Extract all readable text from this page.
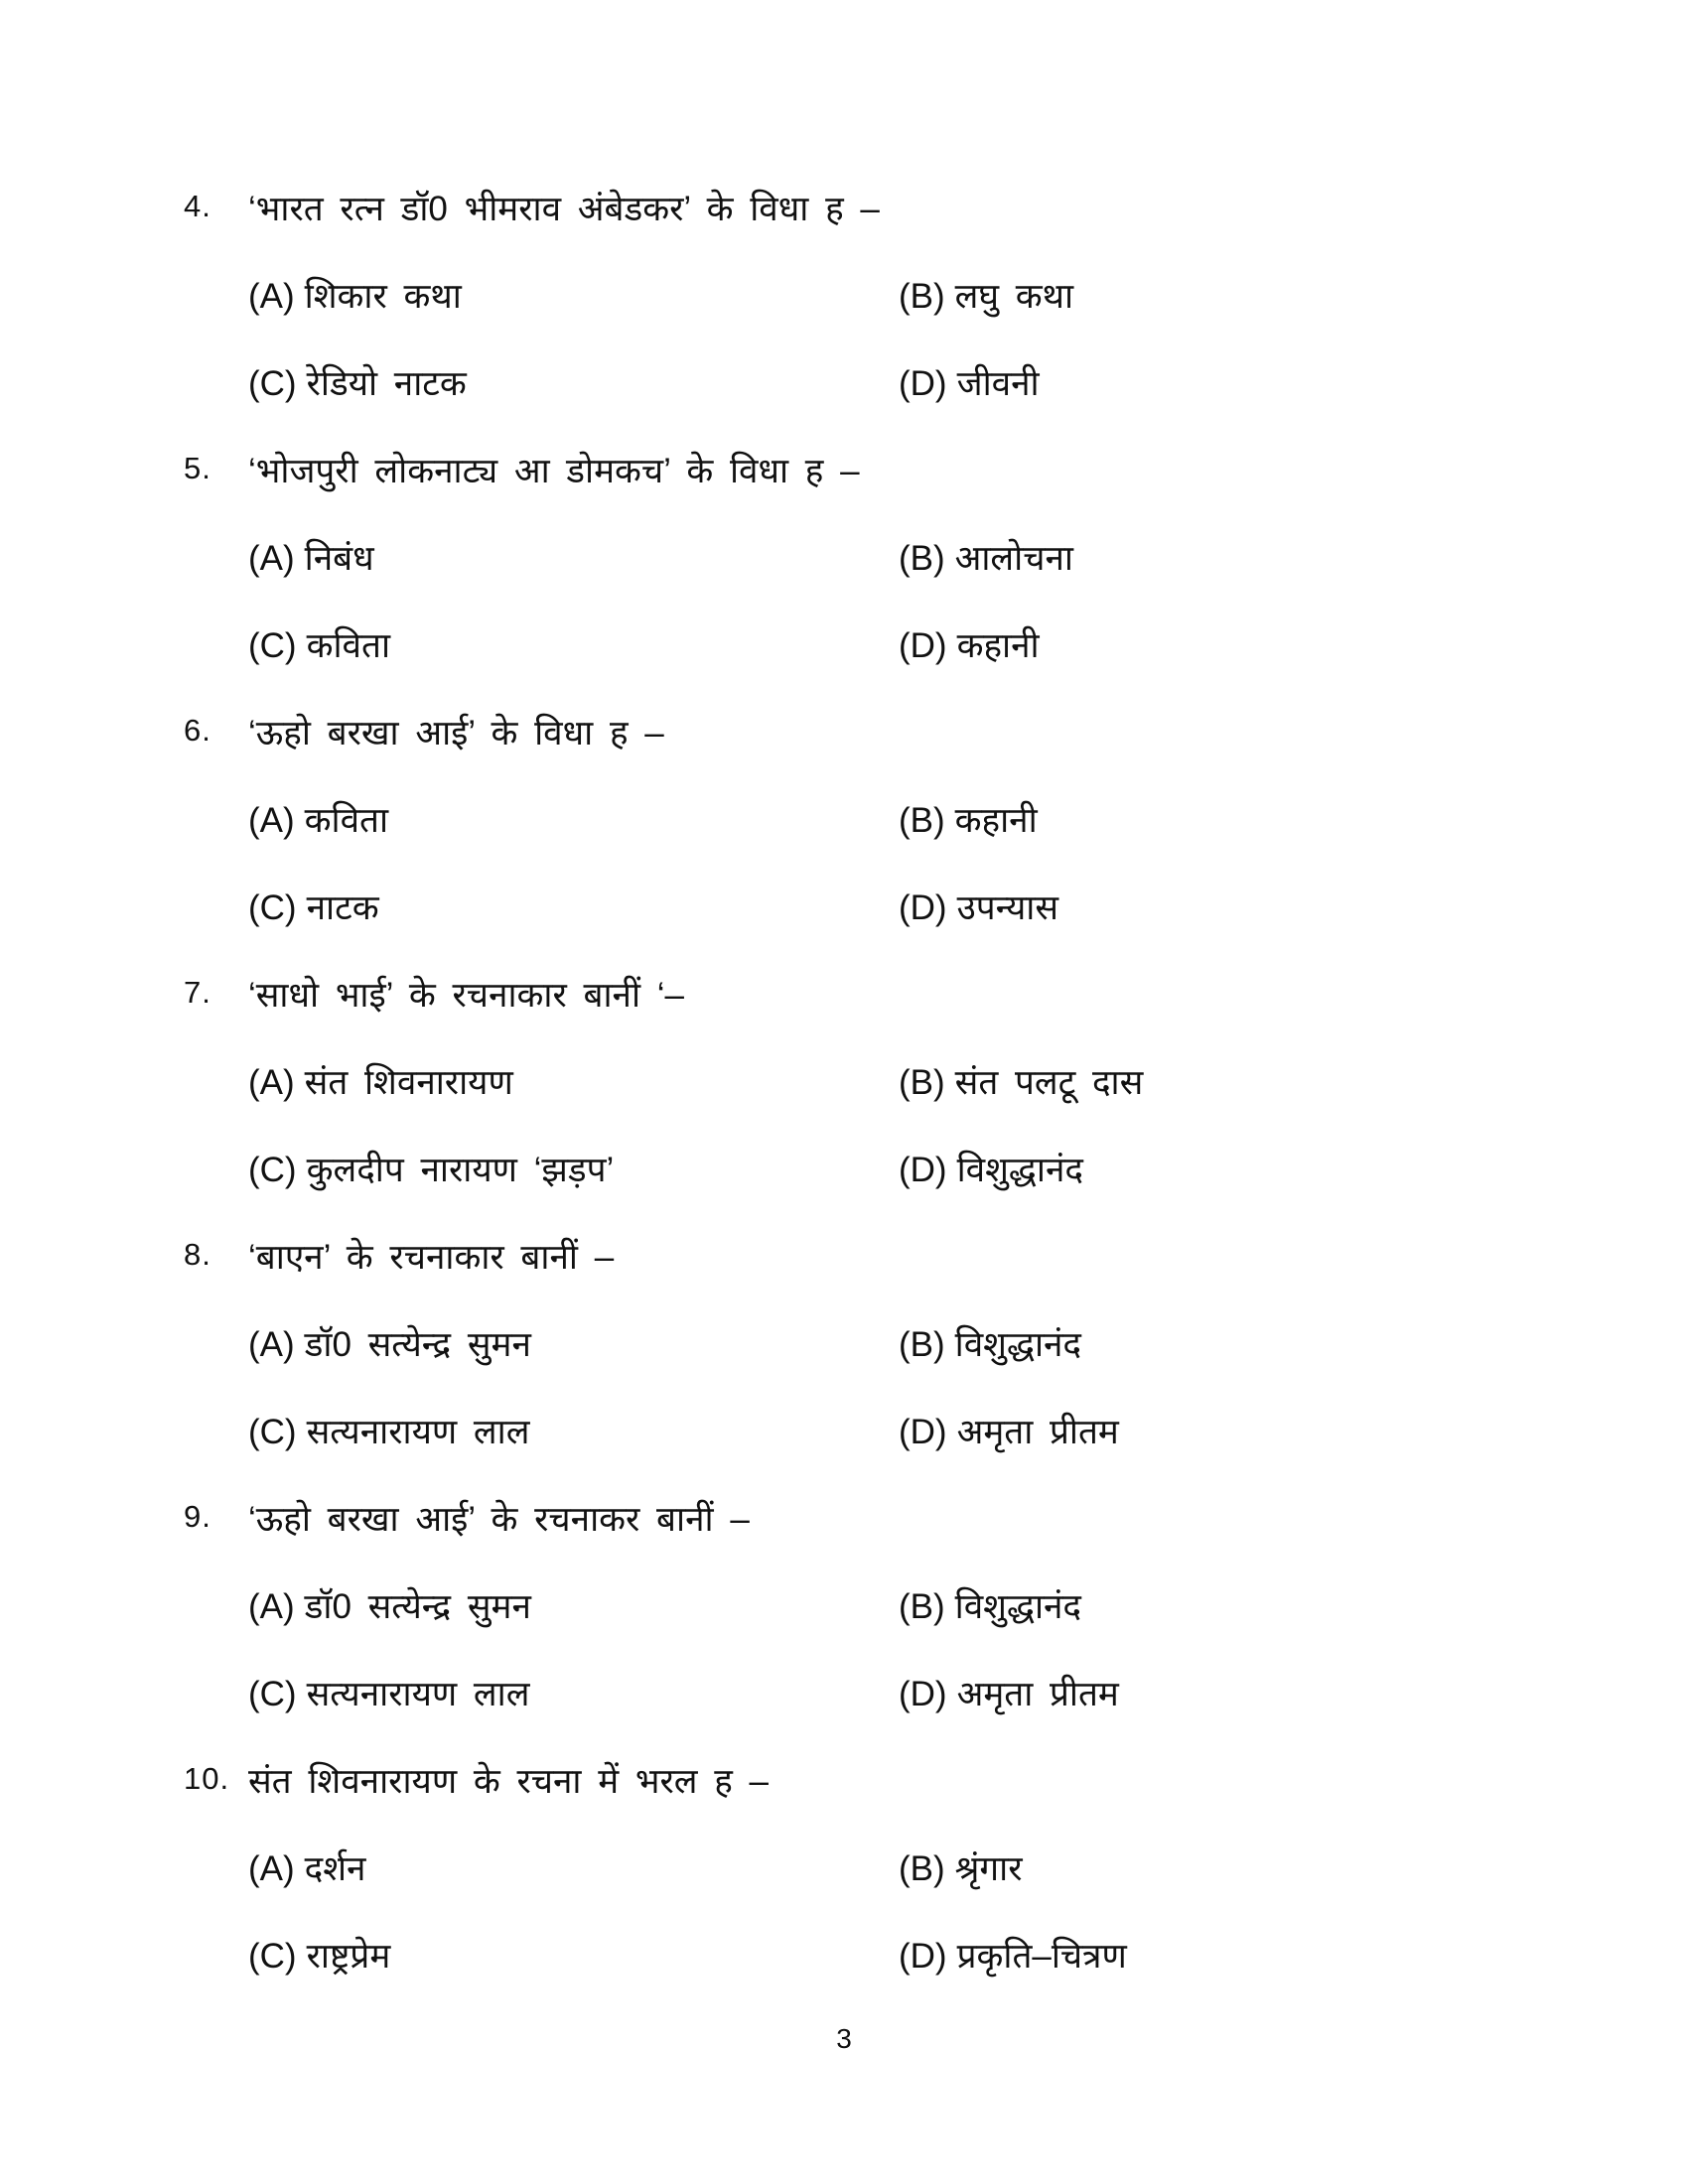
4.	‘भारत रत्न डॉ0 भीमराव अंबेडकर’ के विधा ह –
(A) शिकार कथा	(B) लघु कथा
(C) रेडियो नाटक	(D) जीवनी
5.	‘भोजपुरी लोकनाट्य आ डोमकच’ के विधा ह –
(A) निबंध	(B) आलोचना
(C) कविता	(D) कहानी
6.	‘ऊहो बरखा आई’ के विधा ह –
(A) कविता	(B) कहानी
(C) नाटक	(D) उपन्यास
7.	‘साधो भाई’ के रचनाकार बानीं ‘–
(A) संत शिवनारायण	(B) संत पलटू दास
(C) कुलदीप नारायण ‘झड़प’	(D) विशुद्धानंद
8.	‘बाएन’ के रचनाकार बानीं –
(A) डॉ0 सत्येन्द्र सुमन	(B) विशुद्धानंद
(C) सत्यनारायण लाल	(D) अमृता प्रीतम
9.	‘ऊहो बरखा आई’ के रचनाकर बानीं –
(A) डॉ0 सत्येन्द्र सुमन	(B) विशुद्धानंद
(C) सत्यनारायण लाल	(D) अमृता प्रीतम
10. संत शिवनारायण के रचना में भरल ह –
(A) दर्शन	(B) श्रृंगार
(C) राष्ट्रप्रेम	(D) प्रकृति–चित्रण
3
